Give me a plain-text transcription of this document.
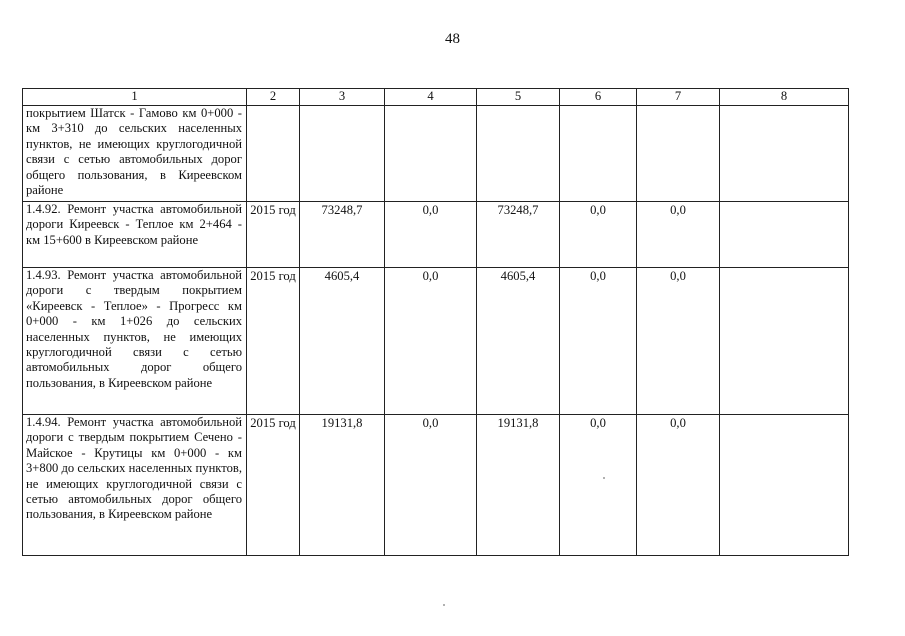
48
1	2	3	4	5	6	7	8
покрытием Шатск - Гамово км 0+000 - км 3+310 до сельских населенных пунктов, не имеющих круглогодичной связи с сетью автомобильных дорог общего пользования, в Киреевском районе							
1.4.92. Ремонт участка автомобильной дороги Киреевск - Теплое км 2+464 - км 15+600 в Киреевском районе	2015 год	73248,7	0,0	73248,7	0,0	0,0	
1.4.93. Ремонт участка автомобильной дороги с твердым покрытием «Киреевск - Теплое» - Прогресс км 0+000 - км 1+026 до сельских населенных пунктов, не имеющих круглогодичной связи с сетью автомобильных дорог общего пользования, в Киреевском районе	2015 год	4605,4	0,0	4605,4	0,0	0,0	
1.4.94. Ремонт участка автомобильной дороги с твердым покрытием Сечено - Майское - Крутицы км 0+000 - км 3+800 до сельских населенных пунктов, не имеющих круглогодичной связи с сетью автомобильных дорог общего пользования, в Киреевском районе	2015 год	19131,8	0,0	19131,8	0,0	0,0	
